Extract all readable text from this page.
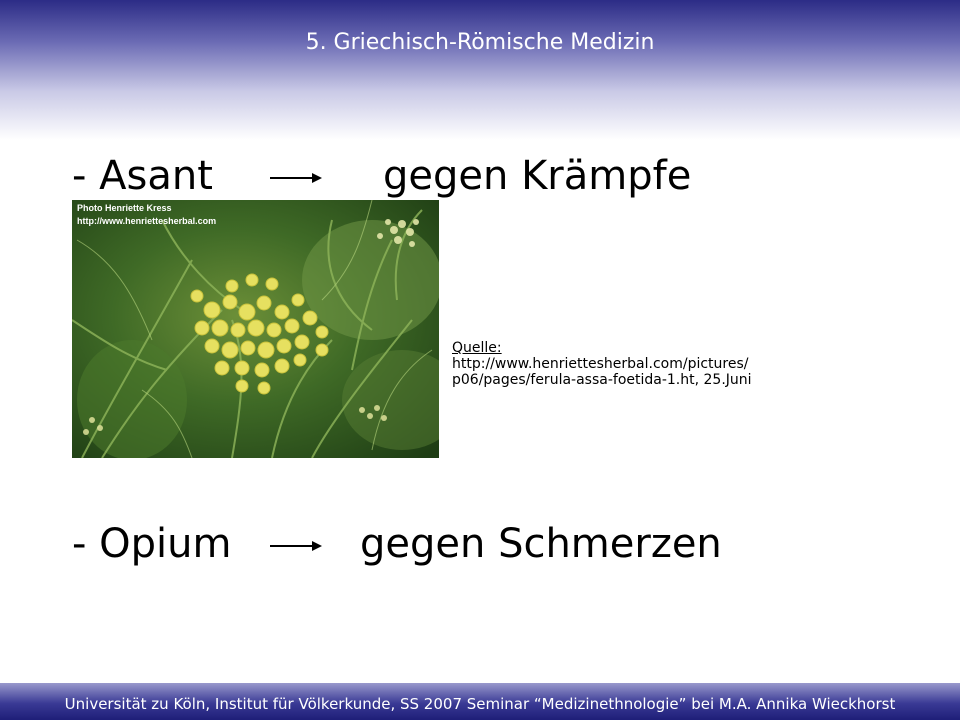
5. Griechisch-Römische Medizin
- Asant	gegen Krämpfe
Photo Henriette Kress
http://www.henriettesherbal.com
Quelle:
http://www.henriettesherbal.com/pictures/p06/pages/ferula-assa-foetida-1.ht, 25.Juni
- Opium	gegen Schmerzen
Universität zu Köln, Institut für Völkerkunde, SS 2007 Seminar “Medizinethnologie” bei M.A. Annika Wieckhorst
